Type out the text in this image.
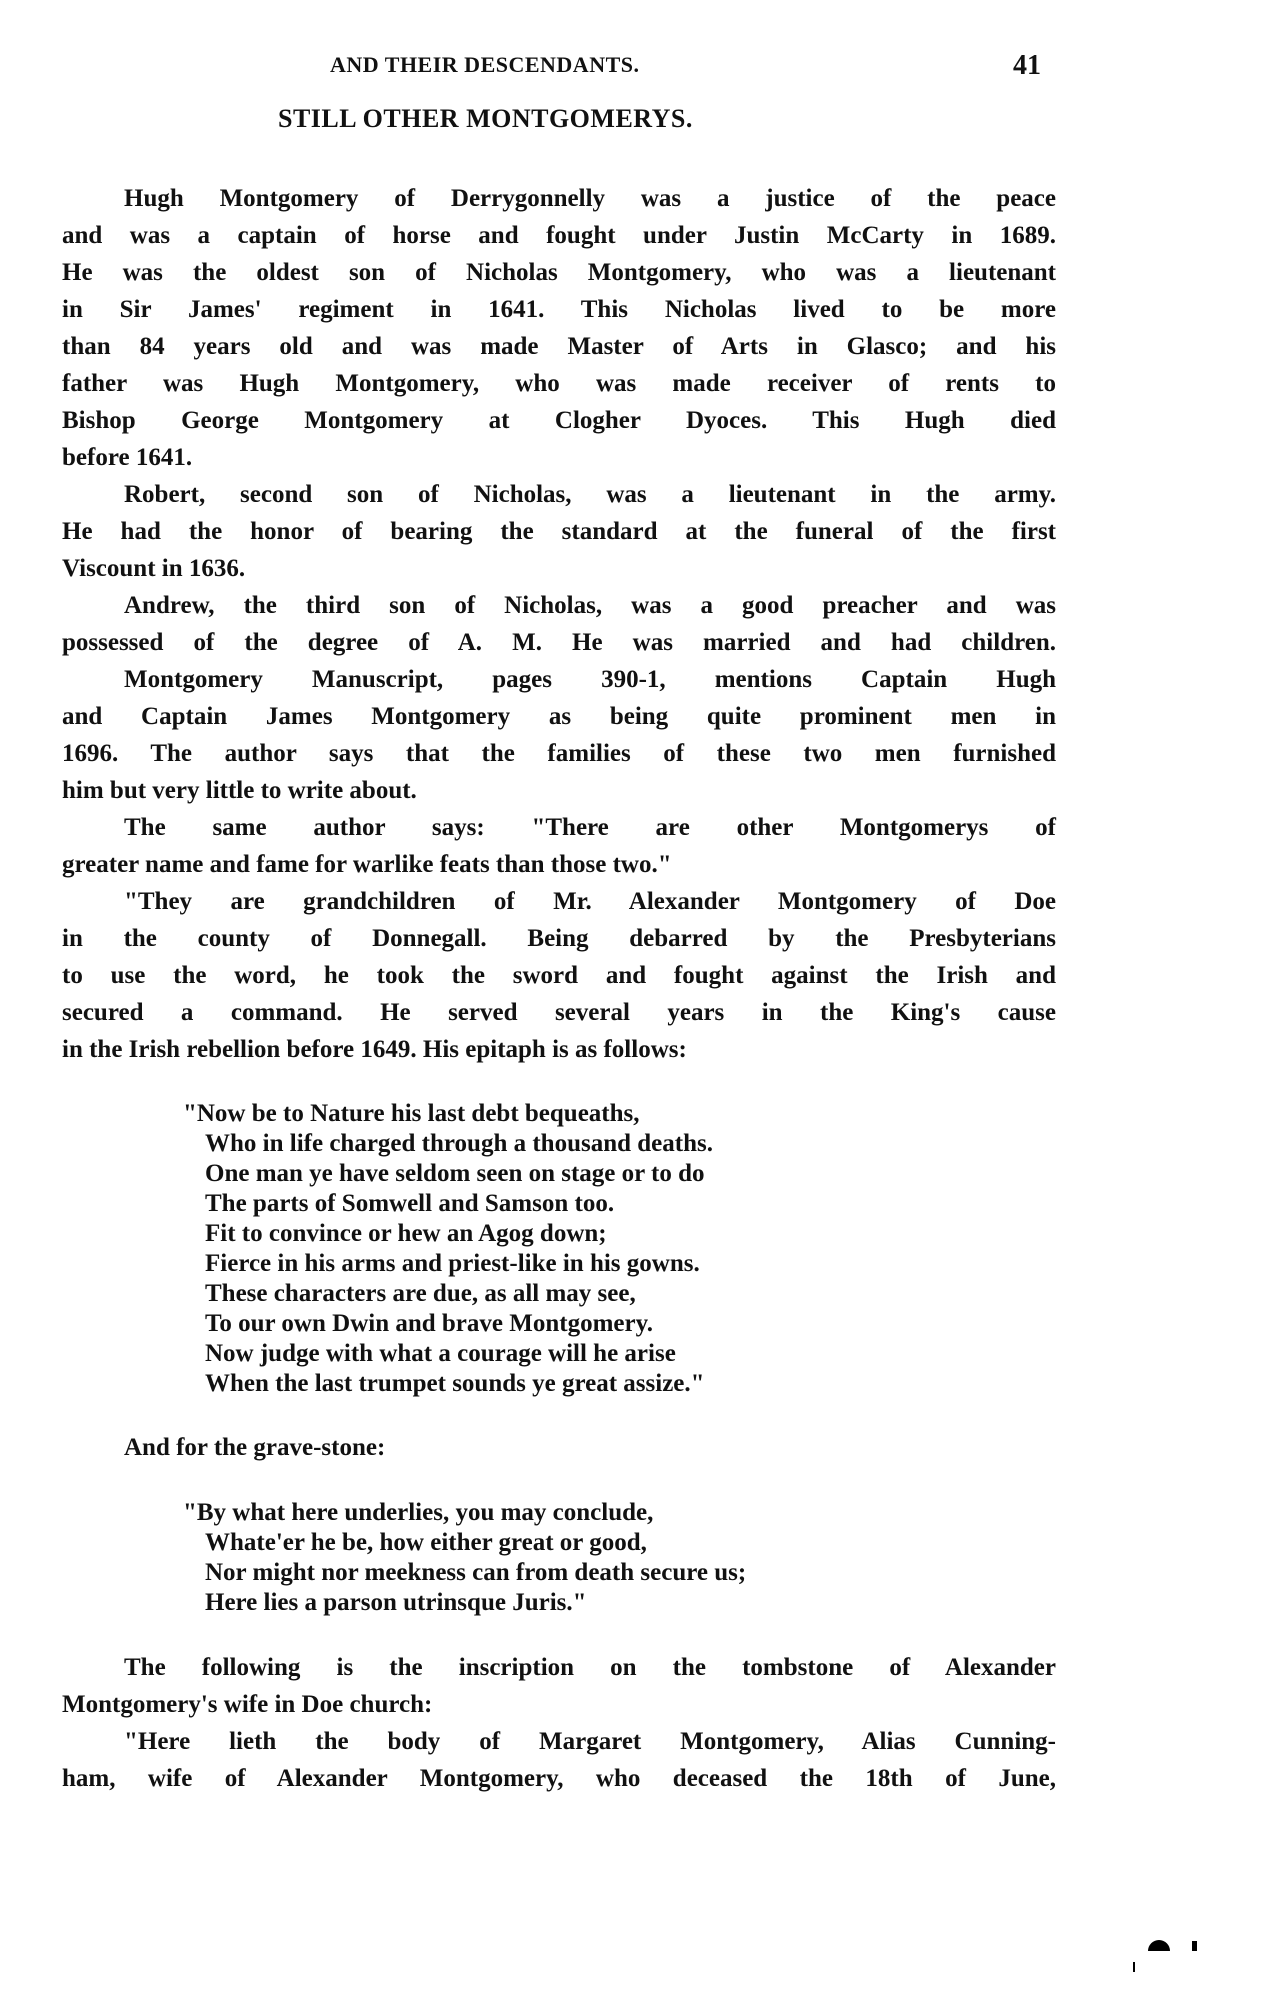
AND THEIR DESCENDANTS.	41
STILL OTHER MONTGOMERYS.
Hugh Montgomery of Derrygonnelly was a justice of the peace
and was a captain of horse and fought under Justin McCarty in 1689.
He was the oldest son of Nicholas Montgomery, who was a lieutenant
in Sir James' regiment in 1641. This Nicholas lived to be more
than 84 years old and was made Master of Arts in Glasco; and his
father was Hugh Montgomery, who was made receiver of rents to
Bishop George Montgomery at Clogher Dyoces. This Hugh died
before 1641.
Robert, second son of Nicholas, was a lieutenant in the army.
He had the honor of bearing the standard at the funeral of the first
Viscount in 1636.
Andrew, the third son of Nicholas, was a good preacher and was
possessed of the degree of A. M. He was married and had children.
Montgomery Manuscript, pages 390-1, mentions Captain Hugh
and Captain James Montgomery as being quite prominent men in
1696. The author says that the families of these two men furnished
him but very little to write about.
The same author says: "There are other Montgomerys of
greater name and fame for warlike feats than those two."
"They are grandchildren of Mr. Alexander Montgomery of Doe
in the county of Donnegall. Being debarred by the Presbyterians
to use the word, he took the sword and fought against the Irish and
secured a command. He served several years in the King's cause
in the Irish rebellion before 1649. His epitaph is as follows:
"Now be to Nature his last debt bequeaths,
Who in life charged through a thousand deaths.
One man ye have seldom seen on stage or to do
The parts of Somwell and Samson too.
Fit to convince or hew an Agog down;
Fierce in his arms and priest-like in his gowns.
These characters are due, as all may see,
To our own Dwin and brave Montgomery.
Now judge with what a courage will he arise
When the last trumpet sounds ye great assize."
And for the grave-stone:
"By what here underlies, you may conclude,
Whate'er he be, how either great or good,
Nor might nor meekness can from death secure us;
Here lies a parson utrinsque Juris."
The following is the inscription on the tombstone of Alexander
Montgomery's wife in Doe church:
"Here lieth the body of Margaret Montgomery, Alias Cunning-
ham, wife of Alexander Montgomery, who deceased the 18th of June,
